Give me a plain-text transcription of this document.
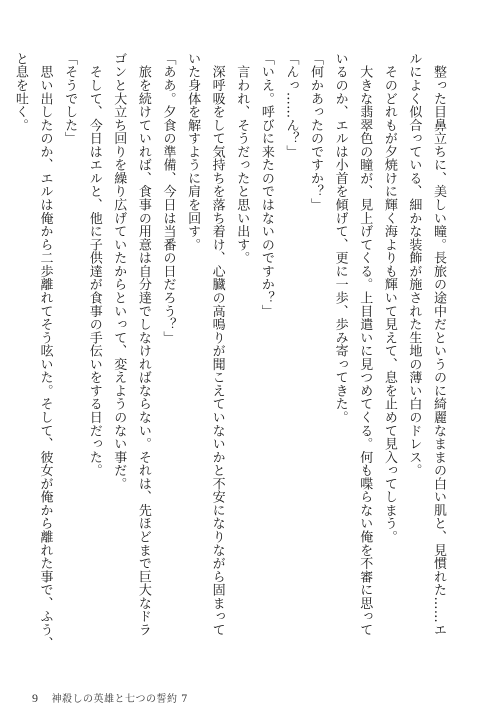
　整った目鼻立ちに、美しい瞳。長旅の途中だというのに綺麗なままの白い肌と、見慣れた……エ
ルによく似合っている、細かな装飾が施された生地の薄い白のドレス。
　そのどれもが夕焼けに輝く海よりも輝いて見えて、息を止めて見入ってしまう。
　大きな翡翠色の瞳が、見上げてくる。上目遣いに見つめてくる。何も喋らない俺を不審に思って
いるのか、エルは小首を傾げて、更に一歩、歩み寄ってきた。
「何かあったのですか？」
「んっ……ん？」
「いえ。呼びに来たのではないのですか？」
　言われ、そうだったと思い出す。
　深呼吸をして気持ちを落ち着け、心臓の高鳴りが聞こえていないかと不安になりながら固まって
いた身体を解すように肩を回す。
「ああ。夕食の準備、今日は当番の日だろう？」
　旅を続けていれば、食事の用意は自分達でしなければならない。それは、先ほどまで巨大なドラ
ゴンと大立ち回りを繰り広げていたからといって、変えようのない事だ。
　そして、今日はエルと、他に子供達が食事の手伝いをする日だった。
「そうでした」
　思い出したのか、エルは俺から二歩離れてそう呟いた。そして、彼女が俺から離れた事で、ふう、
と息を吐く。
9 神殺しの英雄と七つの誓約 7
